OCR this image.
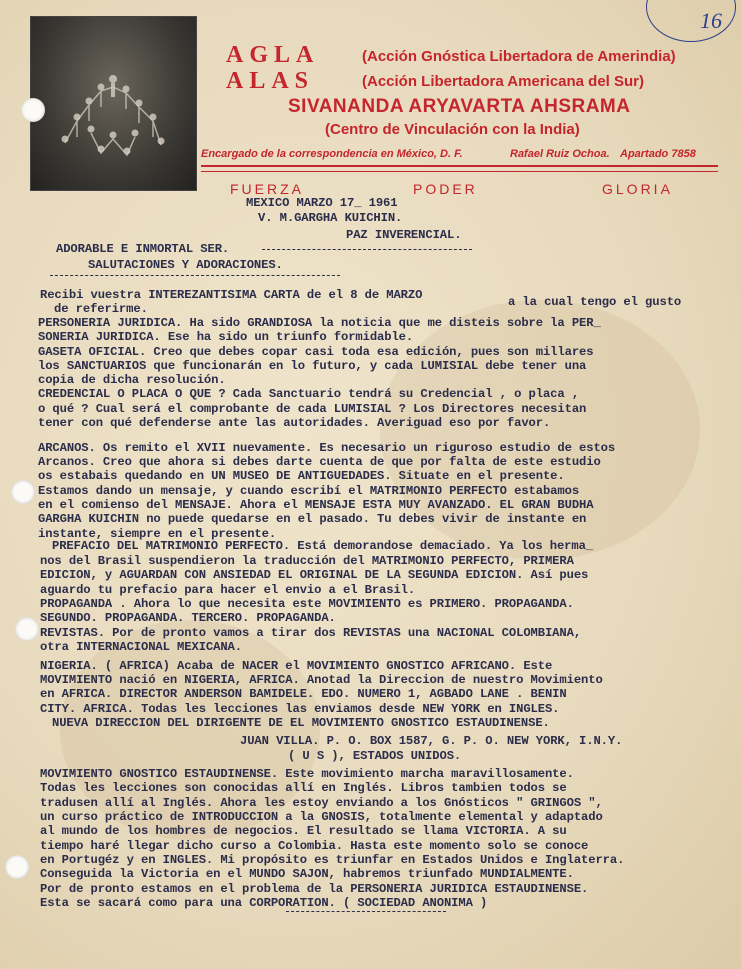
16
AGLA	(Acción Gnóstica Libertadora de Amerindia)
ALAS	(Acción Libertadora Americana del Sur)
SIVANANDA ARYAVARTA AHSRAMA
(Centro de Vinculación con la India)
Encargado de la correspondencia en México, D. F.	Rafael Ruiz Ochoa. Apartado 7858
FUERZA	PODER	GLORIA
MEXICO MARZO 17_ 1961
V. M.GARGHA KUICHIN.
PAZ INVERENCIAL.
ADORABLE E INMORTAL SER.
SALUTACIONES Y ADORACIONES.
Recibi vuestra INTEREZANTISIMA CARTA de el 8 de MARZO	a la cual tengo el gusto
de referirme.
PERSONERIA JURIDICA. Ha sido GRANDIOSA la noticia que me disteis sobre la PER_
SONERIA JURIDICA. Ese ha sido un triunfo formidable.
GASETA OFICIAL. Creo que debes copar casi toda esa edición, pues son millares
los SANCTUARIOS que funcionarán en lo futuro, y cada LUMISIAL debe tener una
copia de dicha resolución.
CREDENCIAL O PLACA O QUE ? Cada Sanctuario tendrá su Credencial , o placa ,
o qué ? Cual será el comprobante de cada LUMISIAL ? Los Directores necesitan
tener con qué defenderse ante las autoridades. Averiguad eso por favor.
ARCANOS. Os remito el XVII nuevamente. Es necesario un riguroso estudio de estos
Arcanos. Creo que ahora si debes darte cuenta de que por falta de este estudio
os estabais quedando en UN MUSEO DE ANTIGUEDADES. Situate en el presente.
Estamos dando un mensaje, y cuando escribí el MATRIMONIO PERFECTO estabamos
en el comienso del MENSAJE. Ahora el MENSAJE ESTA MUY AVANZADO. EL GRAN BUDHA
GARGHA KUICHIN no puede quedarse en el pasado. Tu debes vivir de instante en
instante, siempre en el presente.
PREFACIO DEL MATRIMONIO PERFECTO. Está demorandose demaciado. Ya los herma_
nos del Brasil suspendieron la traducción del MATRIMONIO PERFECTO, PRIMERA
EDICION, y AGUARDAN CON ANSIEDAD EL ORIGINAL DE LA SEGUNDA EDICION. Así pues
aguardo tu prefacio para hacer el envio a el Brasil.
PROPAGANDA . Ahora lo que necesita este MOVIMIENTO es PRIMERO. PROPAGANDA.
SEGUNDO. PROPAGANDA. TERCERO. PROPAGANDA.
REVISTAS. Por de pronto vamos a tirar dos REVISTAS una NACIONAL COLOMBIANA,
otra INTERNACIONAL MEXICANA.
NIGERIA. ( AFRICA) Acaba de NACER el MOVIMIENTO GNOSTICO AFRICANO. Este
MOVIMIENTO nació en NIGERIA, AFRICA. Anotad la Direccion de nuestro Movimiento
en AFRICA. DIRECTOR ANDERSON BAMIDELE. EDO. NUMERO 1, AGBADO LANE . BENIN
CITY. AFRICA. Todas les lecciones las enviamos desde NEW YORK en INGLES.
NUEVA DIRECCION DEL DIRIGENTE DE EL MOVIMIENTO GNOSTICO ESTAUDINENSE.
JUAN VILLA. P. O. BOX 1587, G. P. O. NEW YORK, I.N.Y.
( U S ), ESTADOS UNIDOS.
MOVIMIENTO GNOSTICO ESTAUDINENSE. Este movimiento marcha maravillosamente.
Todas les lecciones son conocidas allí en Inglés. Libros tambien todos se
tradusen allí al Inglés. Ahora les estoy enviando a los Gnósticos " GRINGOS ",
un curso práctico de INTRODUCCION a la GNOSIS, totalmente elemental y adaptado
al mundo de los hombres de negocios. El resultado se llama VICTORIA. A su
tiempo haré llegar dicho curso a Colombia. Hasta este momento solo se conoce
en Portugéz y en INGLES. Mi propósito es triunfar en Estados Unidos e Inglaterra.
Conseguida la Victoria en el MUNDO SAJON, habremos triunfado MUNDIALMENTE.
Por de pronto estamos en el problema de la PERSONERIA JURIDICA ESTAUDINENSE.
Esta se sacará como para una CORPORATION. ( SOCIEDAD ANONIMA )
